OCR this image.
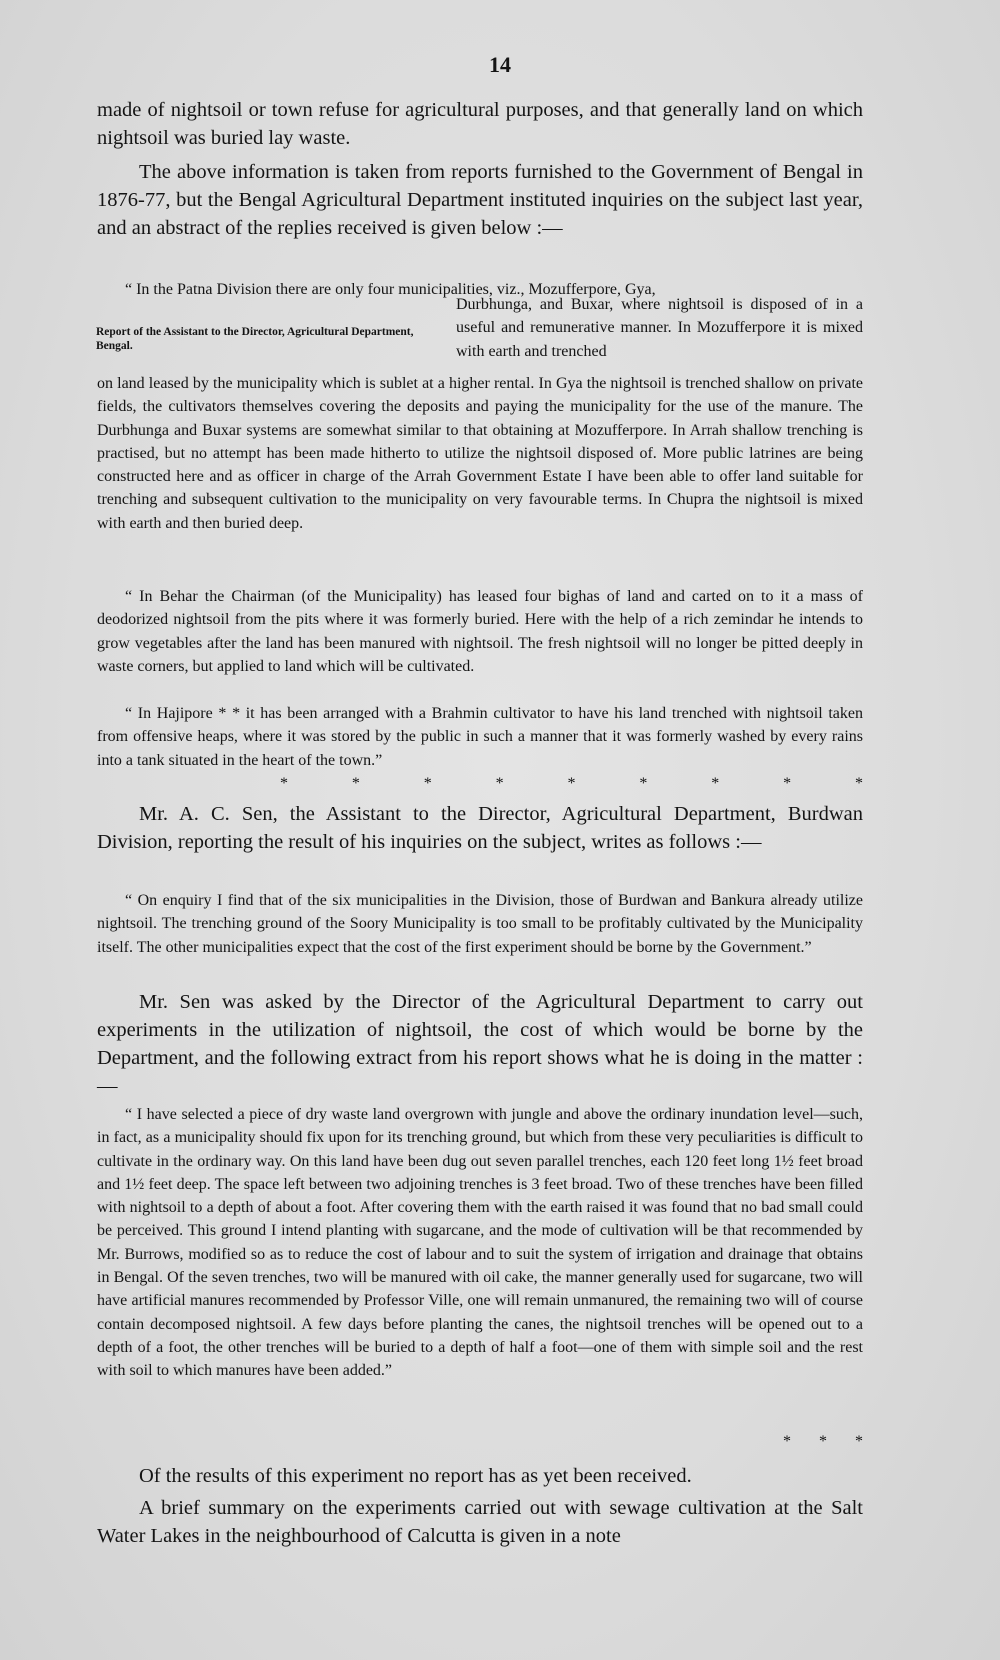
14

made of nightsoil or town refuse for agricultural purposes, and that generally land on which nightsoil was buried lay waste.

The above information is taken from reports furnished to the Government of Bengal in 1876-77, but the Bengal Agricultural Department instituted inquiries on the subject last year, and an abstract of the replies received is given below :—

“ In the Patna Division there are only four municipalities, viz., Mozufferpore, Gya,

Report of the Assistant to the Director, Agricultural Department, Bengal.
Durbhunga, and Buxar, where nightsoil is disposed of in a useful and remunerative manner. In Mozufferpore it is mixed with earth and trenched

on land leased by the municipality which is sublet at a higher rental. In Gya the nightsoil is trenched shallow on private fields, the cultivators themselves covering the deposits and paying the municipality for the use of the manure. The Durbhunga and Buxar systems are somewhat similar to that obtaining at Mozufferpore. In Arrah shallow trenching is practised, but no attempt has been made hitherto to utilize the nightsoil disposed of. More public latrines are being constructed here and as officer in charge of the Arrah Government Estate I have been able to offer land suitable for trenching and subsequent cultivation to the municipality on very favourable terms. In Chupra the nightsoil is mixed with earth and then buried deep.

“ In Behar the Chairman (of the Municipality) has leased four bighas of land and carted on to it a mass of deodorized nightsoil from the pits where it was formerly buried. Here with the help of a rich zemindar he intends to grow vegetables after the land has been manured with nightsoil. The fresh nightsoil will no longer be pitted deeply in waste corners, but applied to land which will be cultivated.

“ In Hajipore * * it has been arranged with a Brahmin cultivator to have his land trenched with nightsoil taken from offensive heaps, where it was stored by the public in such a manner that it was formerly washed by every rains into a tank situated in the heart of the town.”

*	*	*	*	*	*	*	*	*

Mr. A. C. Sen, the Assistant to the Director, Agricultural Department, Burdwan Division, reporting the result of his inquiries on the subject, writes as follows :—

“ On enquiry I find that of the six municipalities in the Division, those of Burdwan and Bankura already utilize nightsoil. The trenching ground of the Soory Municipality is too small to be profitably cultivated by the Municipality itself. The other municipalities expect that the cost of the first experiment should be borne by the Government.”

Mr. Sen was asked by the Director of the Agricultural Department to carry out experiments in the utilization of nightsoil, the cost of which would be borne by the Department, and the following extract from his report shows what he is doing in the matter :—

“ I have selected a piece of dry waste land overgrown with jungle and above the ordinary inundation level—such, in fact, as a municipality should fix upon for its trenching ground, but which from these very peculiarities is difficult to cultivate in the ordinary way. On this land have been dug out seven parallel trenches, each 120 feet long 1½ feet broad and 1½ feet deep. The space left between two adjoining trenches is 3 feet broad. Two of these trenches have been filled with nightsoil to a depth of about a foot. After covering them with the earth raised it was found that no bad small could be perceived. This ground I intend planting with sugarcane, and the mode of cultivation will be that recommended by Mr. Burrows, modified so as to reduce the cost of labour and to suit the system of irrigation and drainage that obtains in Bengal. Of the seven trenches, two will be manured with oil cake, the manner generally used for sugarcane, two will have artificial manures recommended by Professor Ville, one will remain unmanured, the remaining two will of course contain decomposed nightsoil. A few days before planting the canes, the nightsoil trenches will be opened out to a depth of a foot, the other trenches will be buried to a depth of half a foot—one of them with simple soil and the rest with soil to which manures have been added.”

*       *       *

Of the results of this experiment no report has as yet been received.

A brief summary on the experiments carried out with sewage cultivation at the Salt Water Lakes in the neighbourhood of Calcutta is given in a note
